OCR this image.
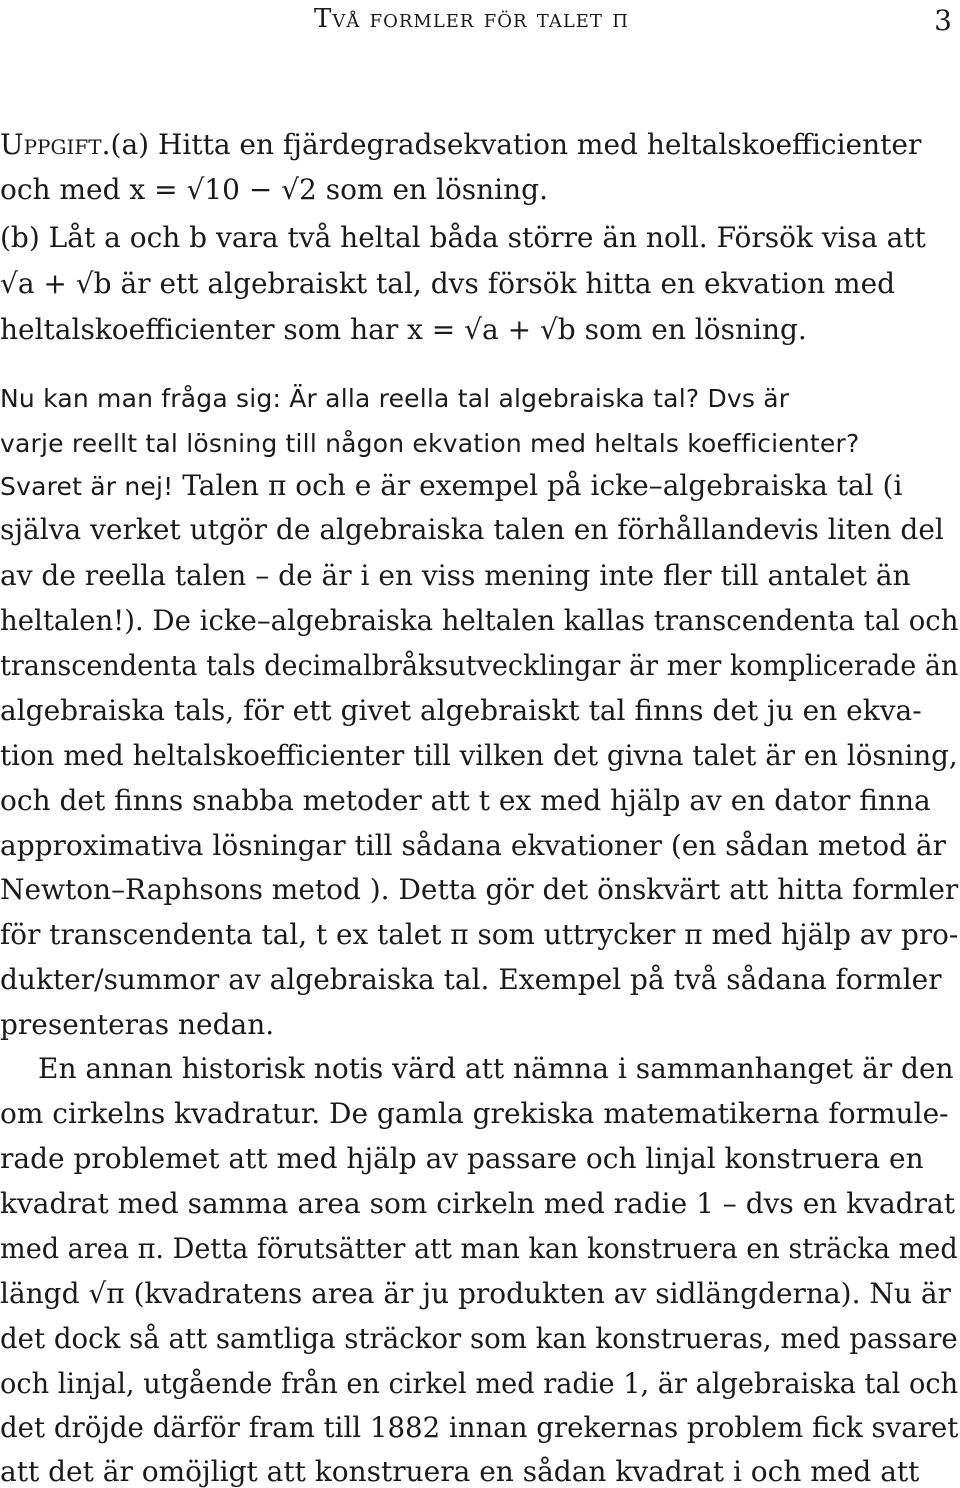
Två formler för talet π	3
Uppgift.(a) Hitta en fjärdegradsekvation med heltalskoefficienter
och med x = √10 − √2 som en lösning.
(b) Låt a och b vara två heltal båda större än noll. Försök visa att
√a + √b är ett algebraiskt tal, dvs försök hitta en ekvation med
heltalskoefficienter som har x = √a + √b som en lösning.
Nu kan man fråga sig: Är alla reella tal algebraiska tal? Dvs är
varje reellt tal lösning till någon ekvation med heltals koefficienter?
Svaret är nej! Talen π och e är exempel på icke–algebraiska tal (i
själva verket utgör de algebraiska talen en förhållandevis liten del
av de reella talen – de är i en viss mening inte fler till antalet än
heltalen!). De icke–algebraiska heltalen kallas transcendenta tal och
transcendenta tals decimalbråksutvecklingar är mer komplicerade än
algebraiska tals, för ett givet algebraiskt tal finns det ju en ekva-
tion med heltalskoefficienter till vilken det givna talet är en lösning,
och det finns snabba metoder att t ex med hjälp av en dator finna
approximativa lösningar till sådana ekvationer (en sådan metod är
Newton–Raphsons metod ). Detta gör det önskvärt att hitta formler
för transcendenta tal, t ex talet π som uttrycker π med hjälp av pro-
dukter/summor av algebraiska tal. Exempel på två sådana formler
presenteras nedan.
En annan historisk notis värd att nämna i sammanhanget är den
om cirkelns kvadratur. De gamla grekiska matematikerna formule-
rade problemet att med hjälp av passare och linjal konstruera en
kvadrat med samma area som cirkeln med radie 1 – dvs en kvadrat
med area π. Detta förutsätter att man kan konstruera en sträcka med
längd √π (kvadratens area är ju produkten av sidlängderna). Nu är
det dock så att samtliga sträckor som kan konstrueras, med passare
och linjal, utgående från en cirkel med radie 1, är algebraiska tal och
det dröjde därför fram till 1882 innan grekernas problem fick svaret
att det är omöjligt att konstruera en sådan kvadrat i och med att
